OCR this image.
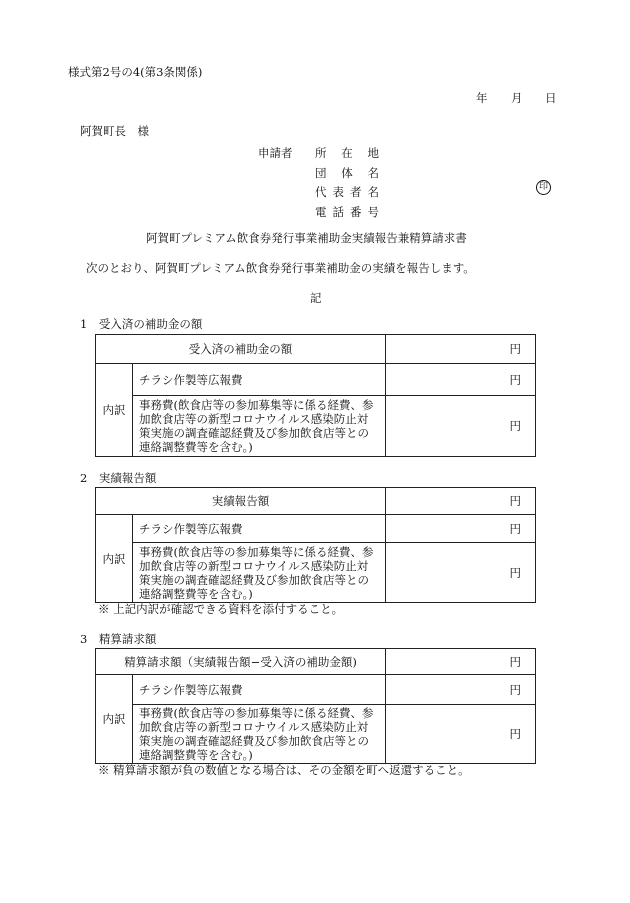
様式第2号の4(第3条関係)
年 月 日
阿賀町長　様
申請者 所在地
団体名
代表者名
電話番号
印
阿賀町プレミアム飲食券発行事業補助金実績報告兼精算請求書
次のとおり、阿賀町プレミアム飲食券発行事業補助金の実績を報告します。
記
1　受入済の補助金の額
受入済の補助金の額		円
内訳	チラシ作製等広報費	円
	事務費(飲食店等の参加募集等に係る経費、参加飲食店等の新型コロナウイルス感染防止対策実施の調査確認経費及び参加飲食店等との連絡調整費等を含む。)	円
2　実績報告額
実績報告額		円
内訳	チラシ作製等広報費	円
	事務費(飲食店等の参加募集等に係る経費、参加飲食店等の新型コロナウイルス感染防止対策実施の調査確認経費及び参加飲食店等との連絡調整費等を含む。)	円
※ 上記内訳が確認できる資料を添付すること。
3　精算請求額
精算請求額（実績報告額−受入済の補助金額)		円
内訳	チラシ作製等広報費	円
	事務費(飲食店等の参加募集等に係る経費、参加飲食店等の新型コロナウイルス感染防止対策実施の調査確認経費及び参加飲食店等との連絡調整費等を含む。)	円
※ 精算請求額が負の数値となる場合は、その金額を町へ返還すること。
